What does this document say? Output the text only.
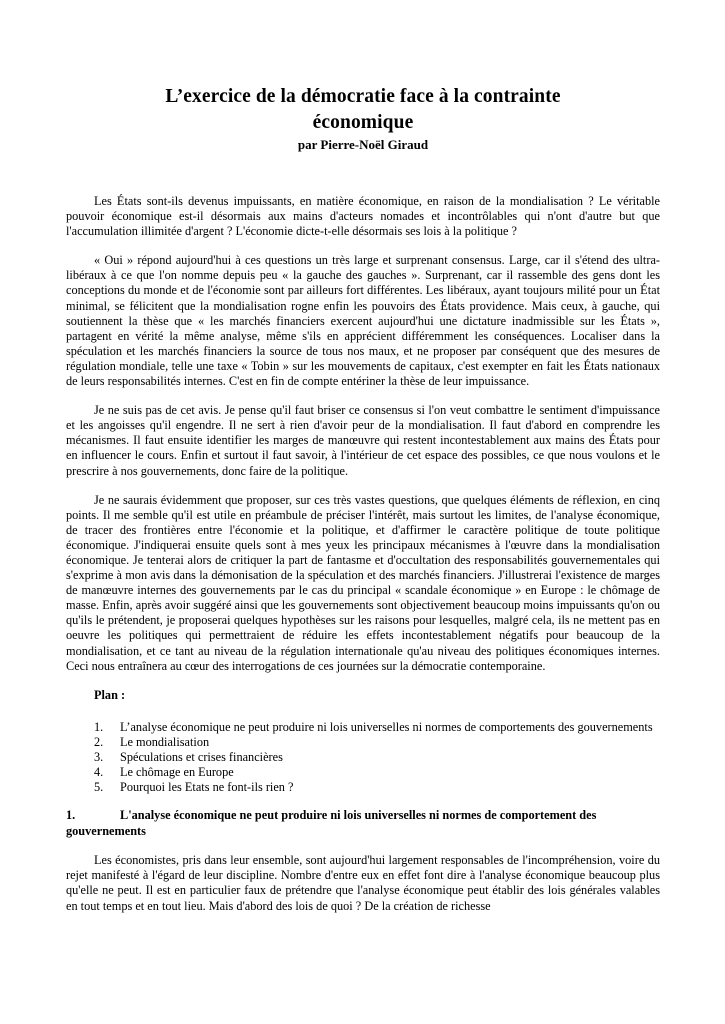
L’exercice de la démocratie face à la contrainte
économique

par Pierre-Noël Giraud

Les États sont-ils devenus impuissants, en matière économique, en raison de la mondialisation ? Le véritable pouvoir économique est-il désormais aux mains d'acteurs nomades et incontrôlables qui n'ont d'autre but que l'accumulation illimitée d'argent ? L'économie dicte-t-elle désormais ses lois à la politique ?

« Oui » répond aujourd'hui à ces questions un très large et surprenant consensus. Large, car il s'étend des ultra-libéraux à ce que l'on nomme depuis peu « la gauche des gauches ». Surprenant, car il rassemble des gens dont les conceptions du monde et de l'économie sont par ailleurs fort différentes. Les libéraux, ayant toujours milité pour un État minimal, se félicitent que la mondialisation rogne enfin les pouvoirs des États providence. Mais ceux, à gauche, qui soutiennent la thèse que « les marchés financiers exercent aujourd'hui une dictature inadmissible sur les États », partagent en vérité la même analyse, même s'ils en apprécient différemment les conséquences. Localiser dans la spéculation et les marchés financiers la source de tous nos maux, et ne proposer par conséquent que des mesures de régulation mondiale, telle une taxe « Tobin » sur les mouvements de capitaux, c'est exempter en fait les États nationaux de leurs responsabilités internes. C'est en fin de compte entériner la thèse de leur impuissance.

Je ne suis pas de cet avis. Je pense qu'il faut briser ce consensus si l'on veut combattre le sentiment d'impuissance et les angoisses qu'il engendre. Il ne sert à rien d'avoir peur de la mondialisation. Il faut d'abord en comprendre les mécanismes. Il faut ensuite identifier les marges de manœuvre qui restent incontestablement aux mains des États pour en influencer le cours. Enfin et surtout il faut savoir, à l'intérieur de cet espace des possibles, ce que nous voulons et le prescrire à nos gouvernements, donc faire de la politique.

Je ne saurais évidemment que proposer, sur ces très vastes questions, que quelques éléments de réflexion, en cinq points. Il me semble qu'il est utile en préambule de préciser l'intérêt, mais surtout les limites, de l'analyse économique, de tracer des frontières entre l'économie et la politique, et d'affirmer le caractère politique de toute politique économique. J'indiquerai ensuite quels sont à mes yeux les principaux mécanismes à l'œuvre dans la mondialisation économique. Je tenterai alors de critiquer la part de fantasme et d'occultation des responsabilités gouvernementales qui s'exprime à mon avis dans la démonisation de la spéculation et des marchés financiers. J'illustrerai l'existence de marges de manœuvre internes des gouvernements par le cas du principal « scandale économique » en Europe : le chômage de masse. Enfin, après avoir suggéré ainsi que les gouvernements sont objectivement beaucoup moins impuissants qu'on ou qu'ils le prétendent, je proposerai quelques hypothèses sur les raisons pour lesquelles, malgré cela, ils ne mettent pas en oeuvre les politiques qui permettraient de réduire les effets incontestablement négatifs pour beaucoup de la mondialisation, et ce tant au niveau de la régulation internationale qu'au niveau des politiques économiques internes. Ceci nous entraînera au cœur des interrogations de ces journées sur la démocratie contemporaine.

Plan :

1. L’analyse économique ne peut produire ni lois universelles ni normes de comportements des gouvernements
2. Le mondialisation
3. Spéculations et crises financières
4. Le chômage en Europe
5. Pourquoi les Etats ne font-ils rien ?

1.	L'analyse économique ne peut produire ni lois universelles ni normes de comportement des
gouvernements

Les économistes, pris dans leur ensemble, sont aujourd'hui largement responsables de l'incompréhension, voire du rejet manifesté à l'égard de leur discipline. Nombre d'entre eux en effet font dire à l'analyse économique beaucoup plus qu'elle ne peut. Il est en particulier faux de prétendre que l'analyse économique peut établir des lois générales valables en tout temps et en tout lieu. Mais d'abord des lois de quoi ? De la création de richesse
